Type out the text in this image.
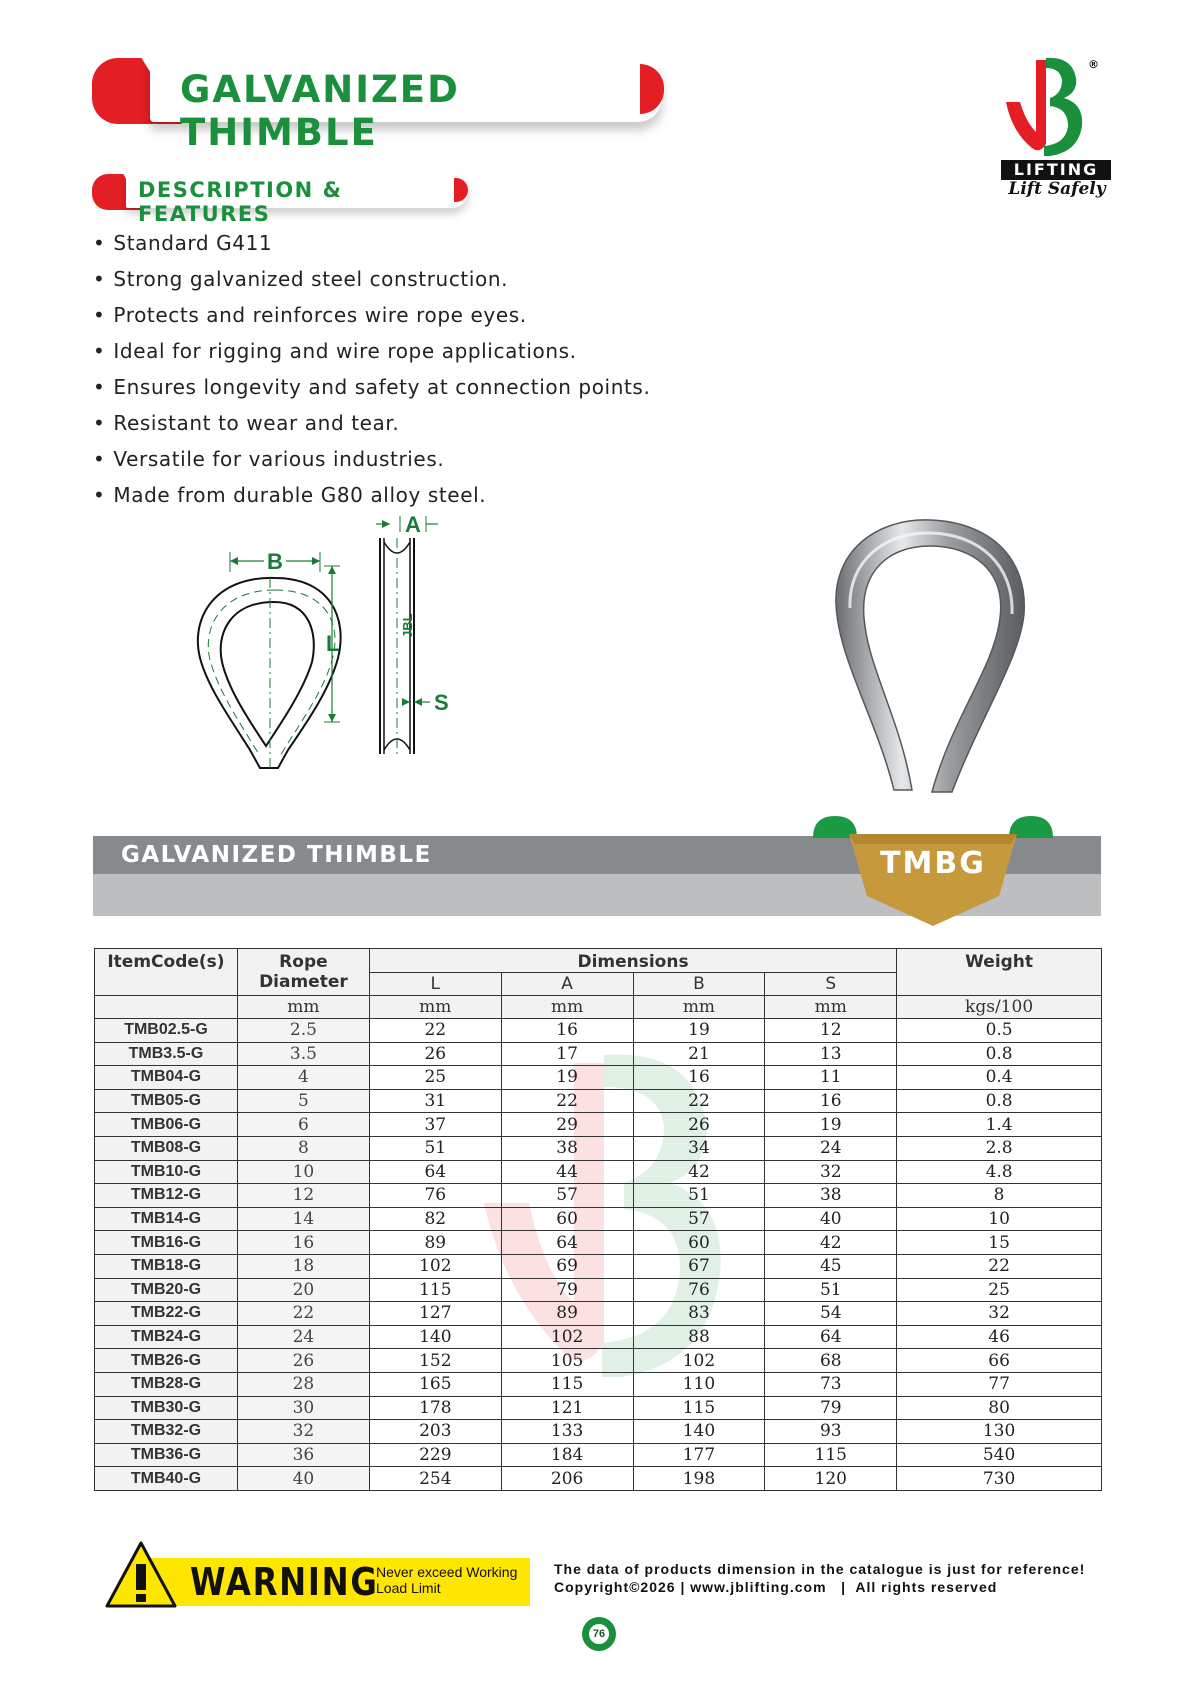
GALVANIZED THIMBLE
DESCRIPTION & FEATURES
®
LIFTING
Lift Safely
• Standard G411
• Strong galvanized steel construction.
• Protects and reinforces wire rope eyes.
• Ideal for rigging and wire rope applications.
• Ensures longevity and safety at connection points.
• Resistant to wear and tear.
• Versatile for various industries.
• Made from durable G80 alloy steel.
B
L
JBL
S
A
GALVANIZED THIMBLE	TMBG
ItemCode(s)	Rope Diameter	Dimensions				Weight
		L	A	B	S	
	mm	mm	mm	mm	mm	kgs/100
TMB02.5-G	2.5	22	16	19	12	0.5
TMB3.5-G	3.5	26	17	21	13	0.8
TMB04-G	4	25	19	16	11	0.4
TMB05-G	5	31	22	22	16	0.8
TMB06-G	6	37	29	26	19	1.4
TMB08-G	8	51	38	34	24	2.8
TMB10-G	10	64	44	42	32	4.8
TMB12-G	12	76	57	51	38	8
TMB14-G	14	82	60	57	40	10
TMB16-G	16	89	64	60	42	15
TMB18-G	18	102	69	67	45	22
TMB20-G	20	115	79	76	51	25
TMB22-G	22	127	89	83	54	32
TMB24-G	24	140	102	88	64	46
TMB26-G	26	152	105	102	68	66
TMB28-G	28	165	115	110	73	77
TMB30-G	30	178	121	115	79	80
TMB32-G	32	203	133	140	93	130
TMB36-G	36	229	184	177	115	540
TMB40-G	40	254	206	198	120	730
WARNING
Never exceed Working Load Limit
The data of products dimension in the catalogue is just for reference!
Copyright©2026 | www.jblifting.com   |  All rights reserved
76
